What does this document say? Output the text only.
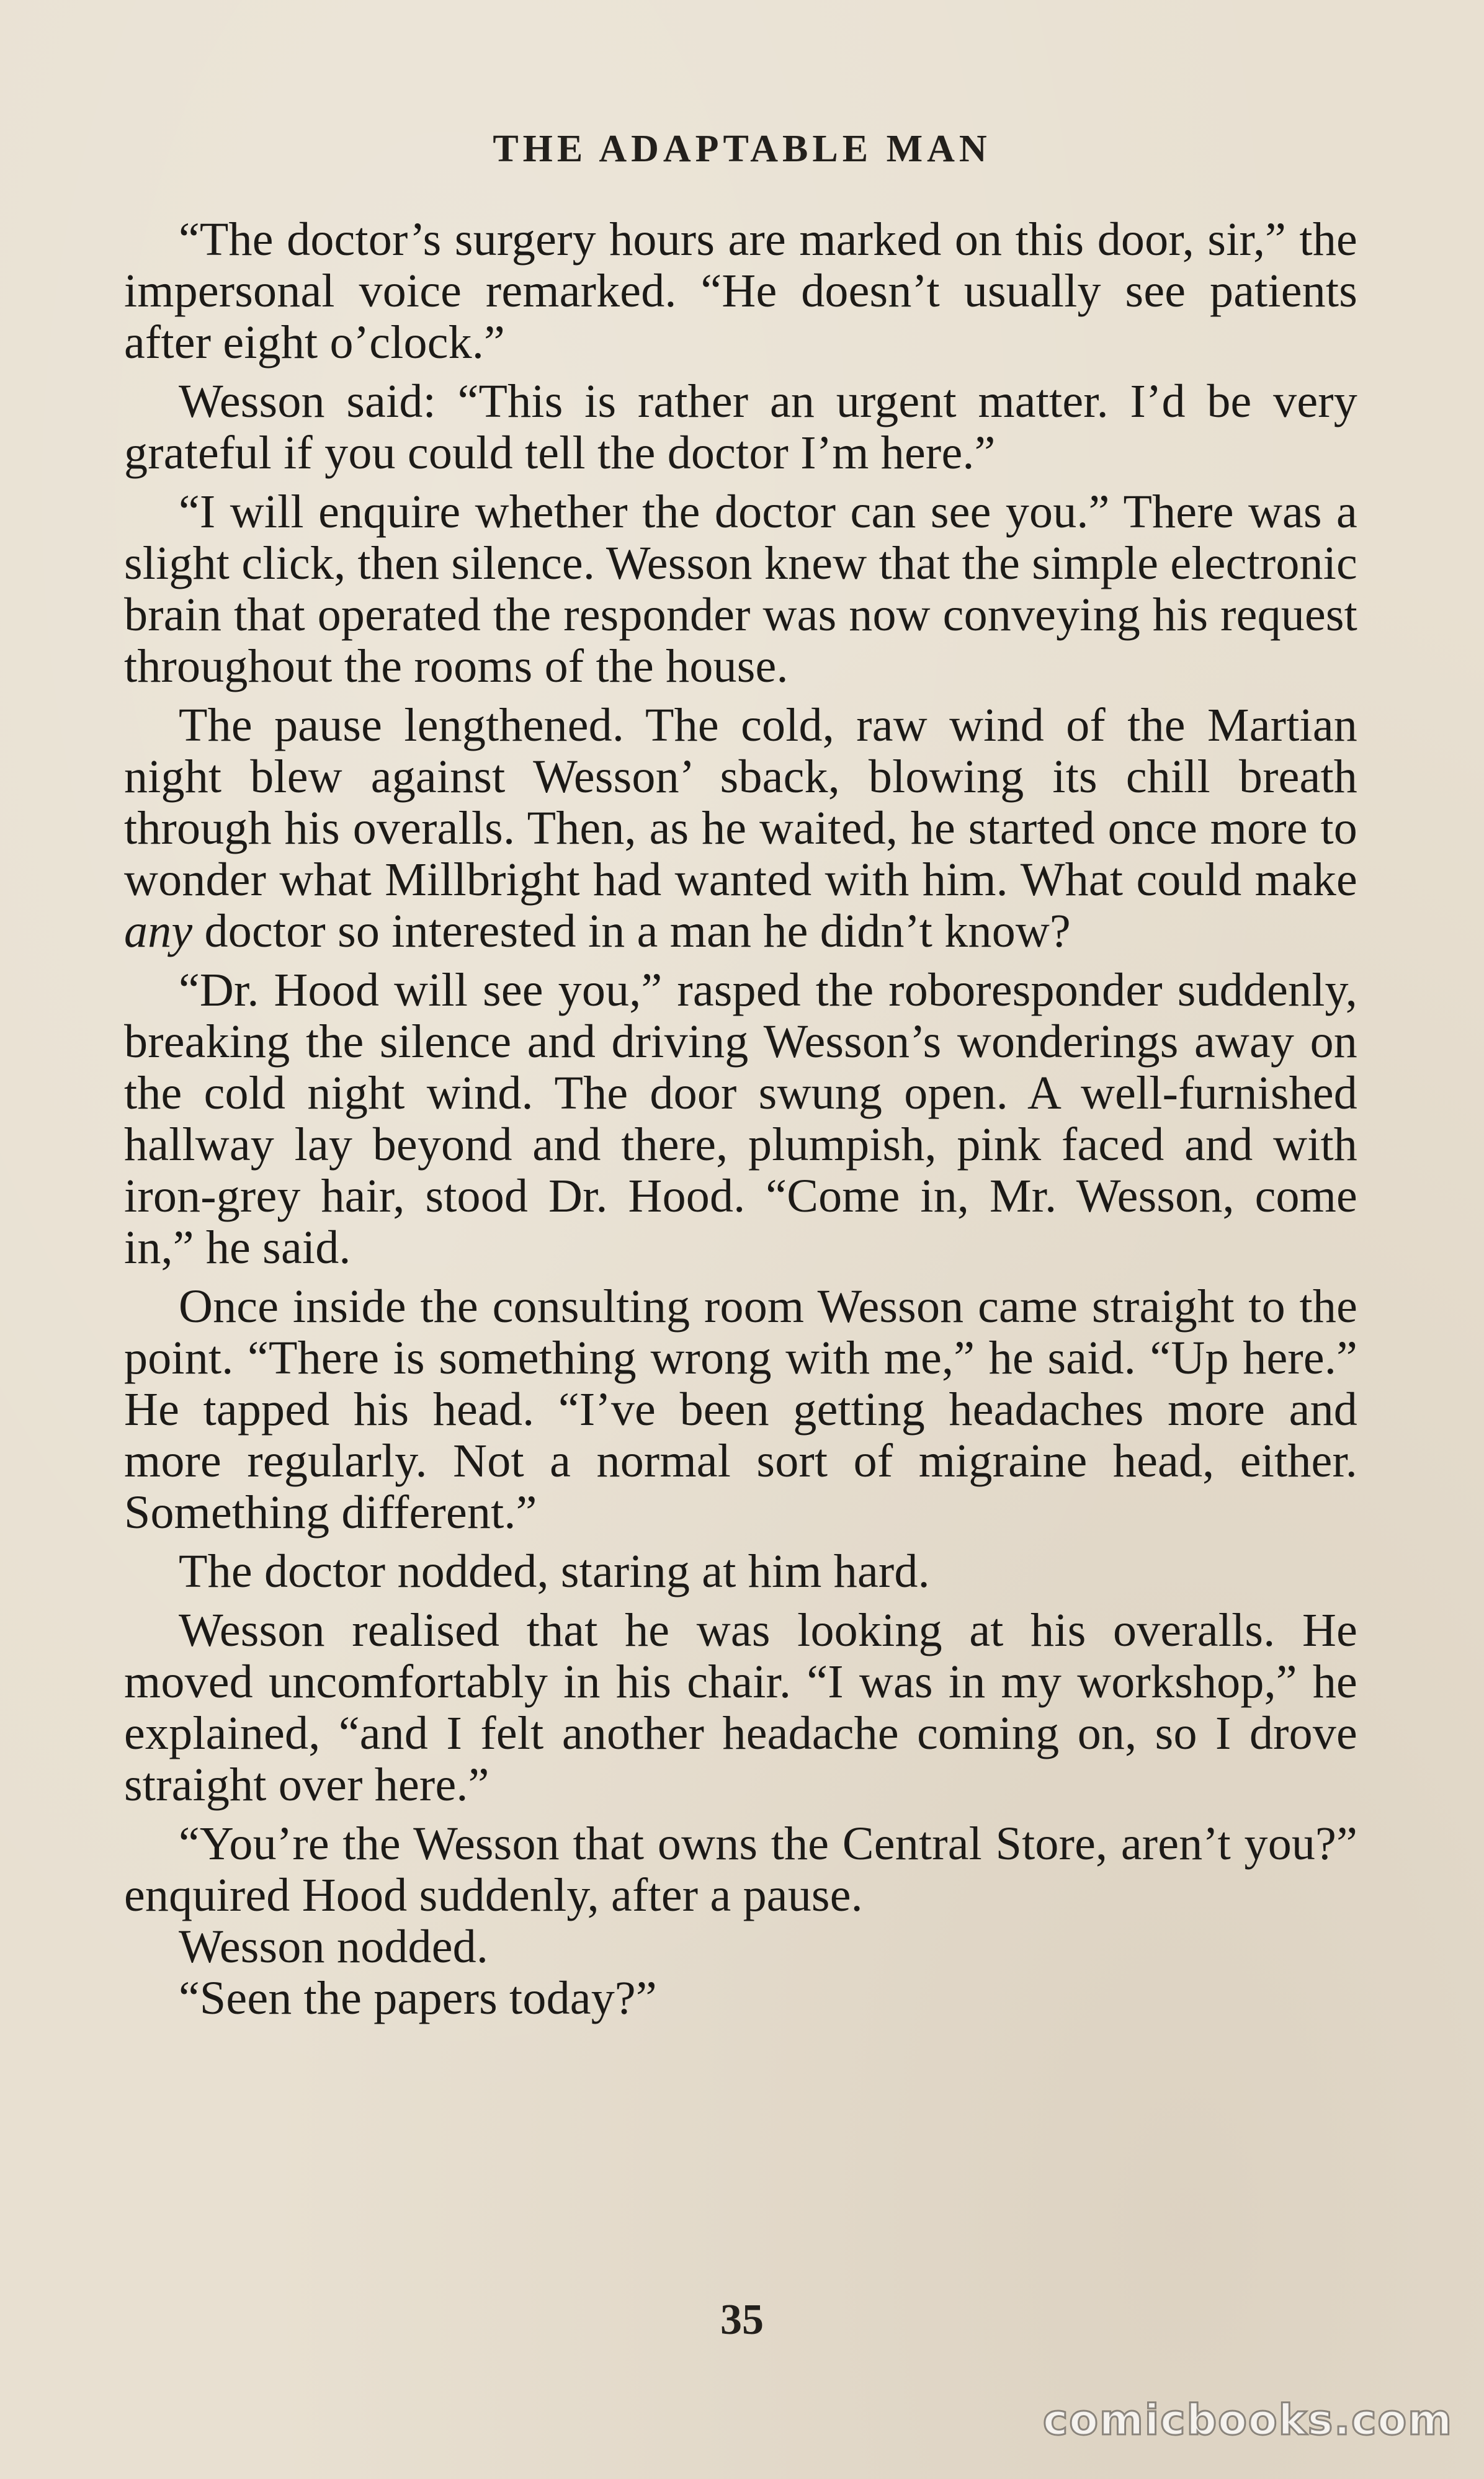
THE ADAPTABLE MAN

“The doctor’s surgery hours are marked on this door, sir,” the impersonal voice remarked. “He doesn’t usually see patients after eight o’clock.”

Wesson said: “This is rather an urgent matter. I’d be very grateful if you could tell the doctor I’m here.”

“I will enquire whether the doctor can see you.” There was a slight click, then silence. Wesson knew that the simple electronic brain that operated the responder was now conveying his request throughout the rooms of the house.

The pause lengthened. The cold, raw wind of the Martian night blew against Wesson’ sback, blowing its chill breath through his overalls. Then, as he waited, he started once more to wonder what Millbright had wanted with him. What could make any doctor so interested in a man he didn’t know?

“Dr. Hood will see you,” rasped the roboresponder suddenly, breaking the silence and driving Wesson’s wonderings away on the cold night wind. The door swung open. A well-furnished hallway lay beyond and there, plumpish, pink faced and with iron-grey hair, stood Dr. Hood. “Come in, Mr. Wesson, come in,” he said.

Once inside the consulting room Wesson came straight to the point. “There is something wrong with me,” he said. “Up here.” He tapped his head. “I’ve been getting headaches more and more regularly. Not a normal sort of migraine head, either. Something different.”

The doctor nodded, staring at him hard.

Wesson realised that he was looking at his overalls. He moved uncomfortably in his chair. “I was in my workshop,” he explained, “and I felt another headache coming on, so I drove straight over here.”

“You’re the Wesson that owns the Central Store, aren’t you?” enquired Hood suddenly, after a pause.

Wesson nodded.

“Seen the papers today?”

35
comicbooks.com
